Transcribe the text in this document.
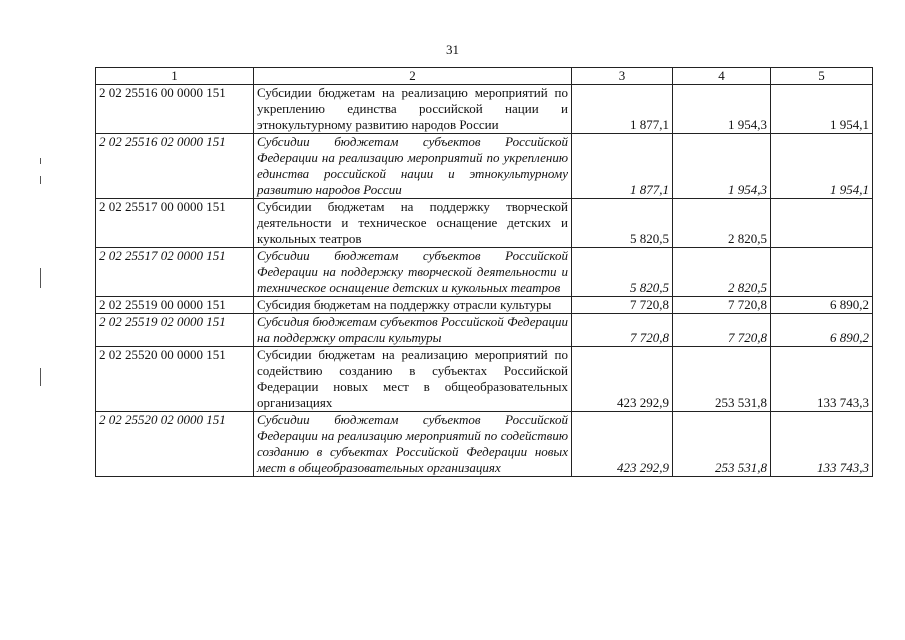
31
1	2	3	4	5
2 02 25516 00 0000 151	Субсидии бюджетам на реализацию мероприятий по укреплению единства российской нации и этнокультурному развитию народов России	1 877,1	1 954,3	1 954,1
2 02 25516 02 0000 151	Субсидии бюджетам субъектов Российской Федерации на реализацию мероприятий по укреплению единства российской нации и этнокультурному развитию народов России	1 877,1	1 954,3	1 954,1
2 02 25517 00 0000 151	Субсидии бюджетам на поддержку творческой деятельности и техническое оснащение детских и кукольных театров	5 820,5	2 820,5	
2 02 25517 02 0000 151	Субсидии бюджетам субъектов Российской Федерации на поддержку творческой деятельности и техническое оснащение детских и кукольных театров	5 820,5	2 820,5	
2 02 25519 00 0000 151	Субсидия бюджетам на поддержку отрасли культуры	7 720,8	7 720,8	6 890,2
2 02 25519 02 0000 151	Субсидия бюджетам субъектов Российской Федерации на поддержку отрасли культуры	7 720,8	7 720,8	6 890,2
2 02 25520 00 0000 151	Субсидии бюджетам на реализацию мероприятий по содействию созданию в субъектах Российской Федерации новых мест в общеобразовательных организациях	423 292,9	253 531,8	133 743,3
2 02 25520 02 0000 151	Субсидии бюджетам субъектов Российской Федерации на реализацию мероприятий по содействию созданию в субъектах Российской Федерации новых мест в общеобразовательных организациях	423 292,9	253 531,8	133 743,3
